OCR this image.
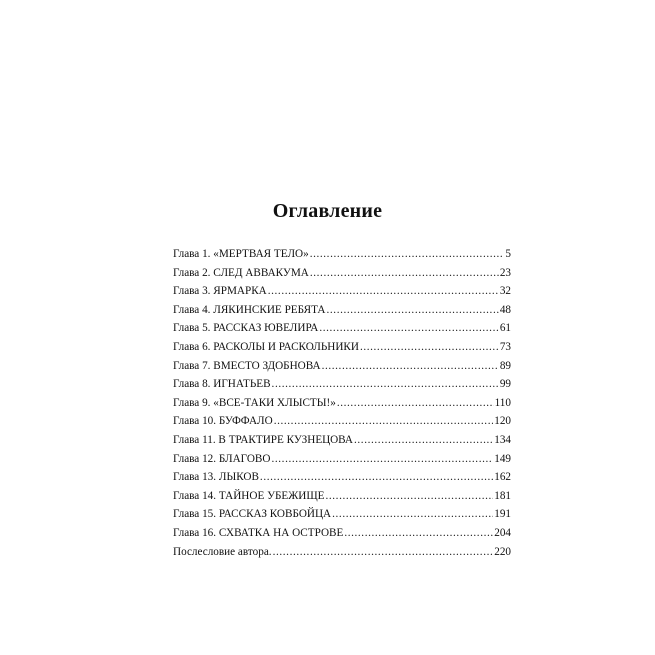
Оглавление
Глава 1. «МЕРТВАЯ ТЕЛО» .....	5
Глава 2. СЛЕД АВВАКУМА .....	23
Глава 3. ЯРМАРКА .....	32
Глава 4. ЛЯКИНСКИЕ РЕБЯТА .....	48
Глава 5. РАССКАЗ ЮВЕЛИРА .....	61
Глава 6. РАСКОЛЫ И РАСКОЛЬНИКИ .....	73
Глава 7. ВМЕСТО ЗДОБНОВА .....	89
Глава 8. ИГНАТЬЕВ .....	99
Глава 9. «ВСЕ-ТАКИ ХЛЫСТЫ!» .....	110
Глава 10. БУФФАЛО .....	120
Глава 11. В ТРАКТИРЕ КУЗНЕЦОВА .....	134
Глава 12. БЛАГОВО .....	149
Глава 13. ЛЫКОВ .....	162
Глава 14. ТАЙНОЕ УБЕЖИЩЕ .....	181
Глава 15. РАССКАЗ КОВБОЙЦА .....	191
Глава 16. СХВАТКА НА ОСТРОВЕ .....	204
Послесловие автора. .....	220
